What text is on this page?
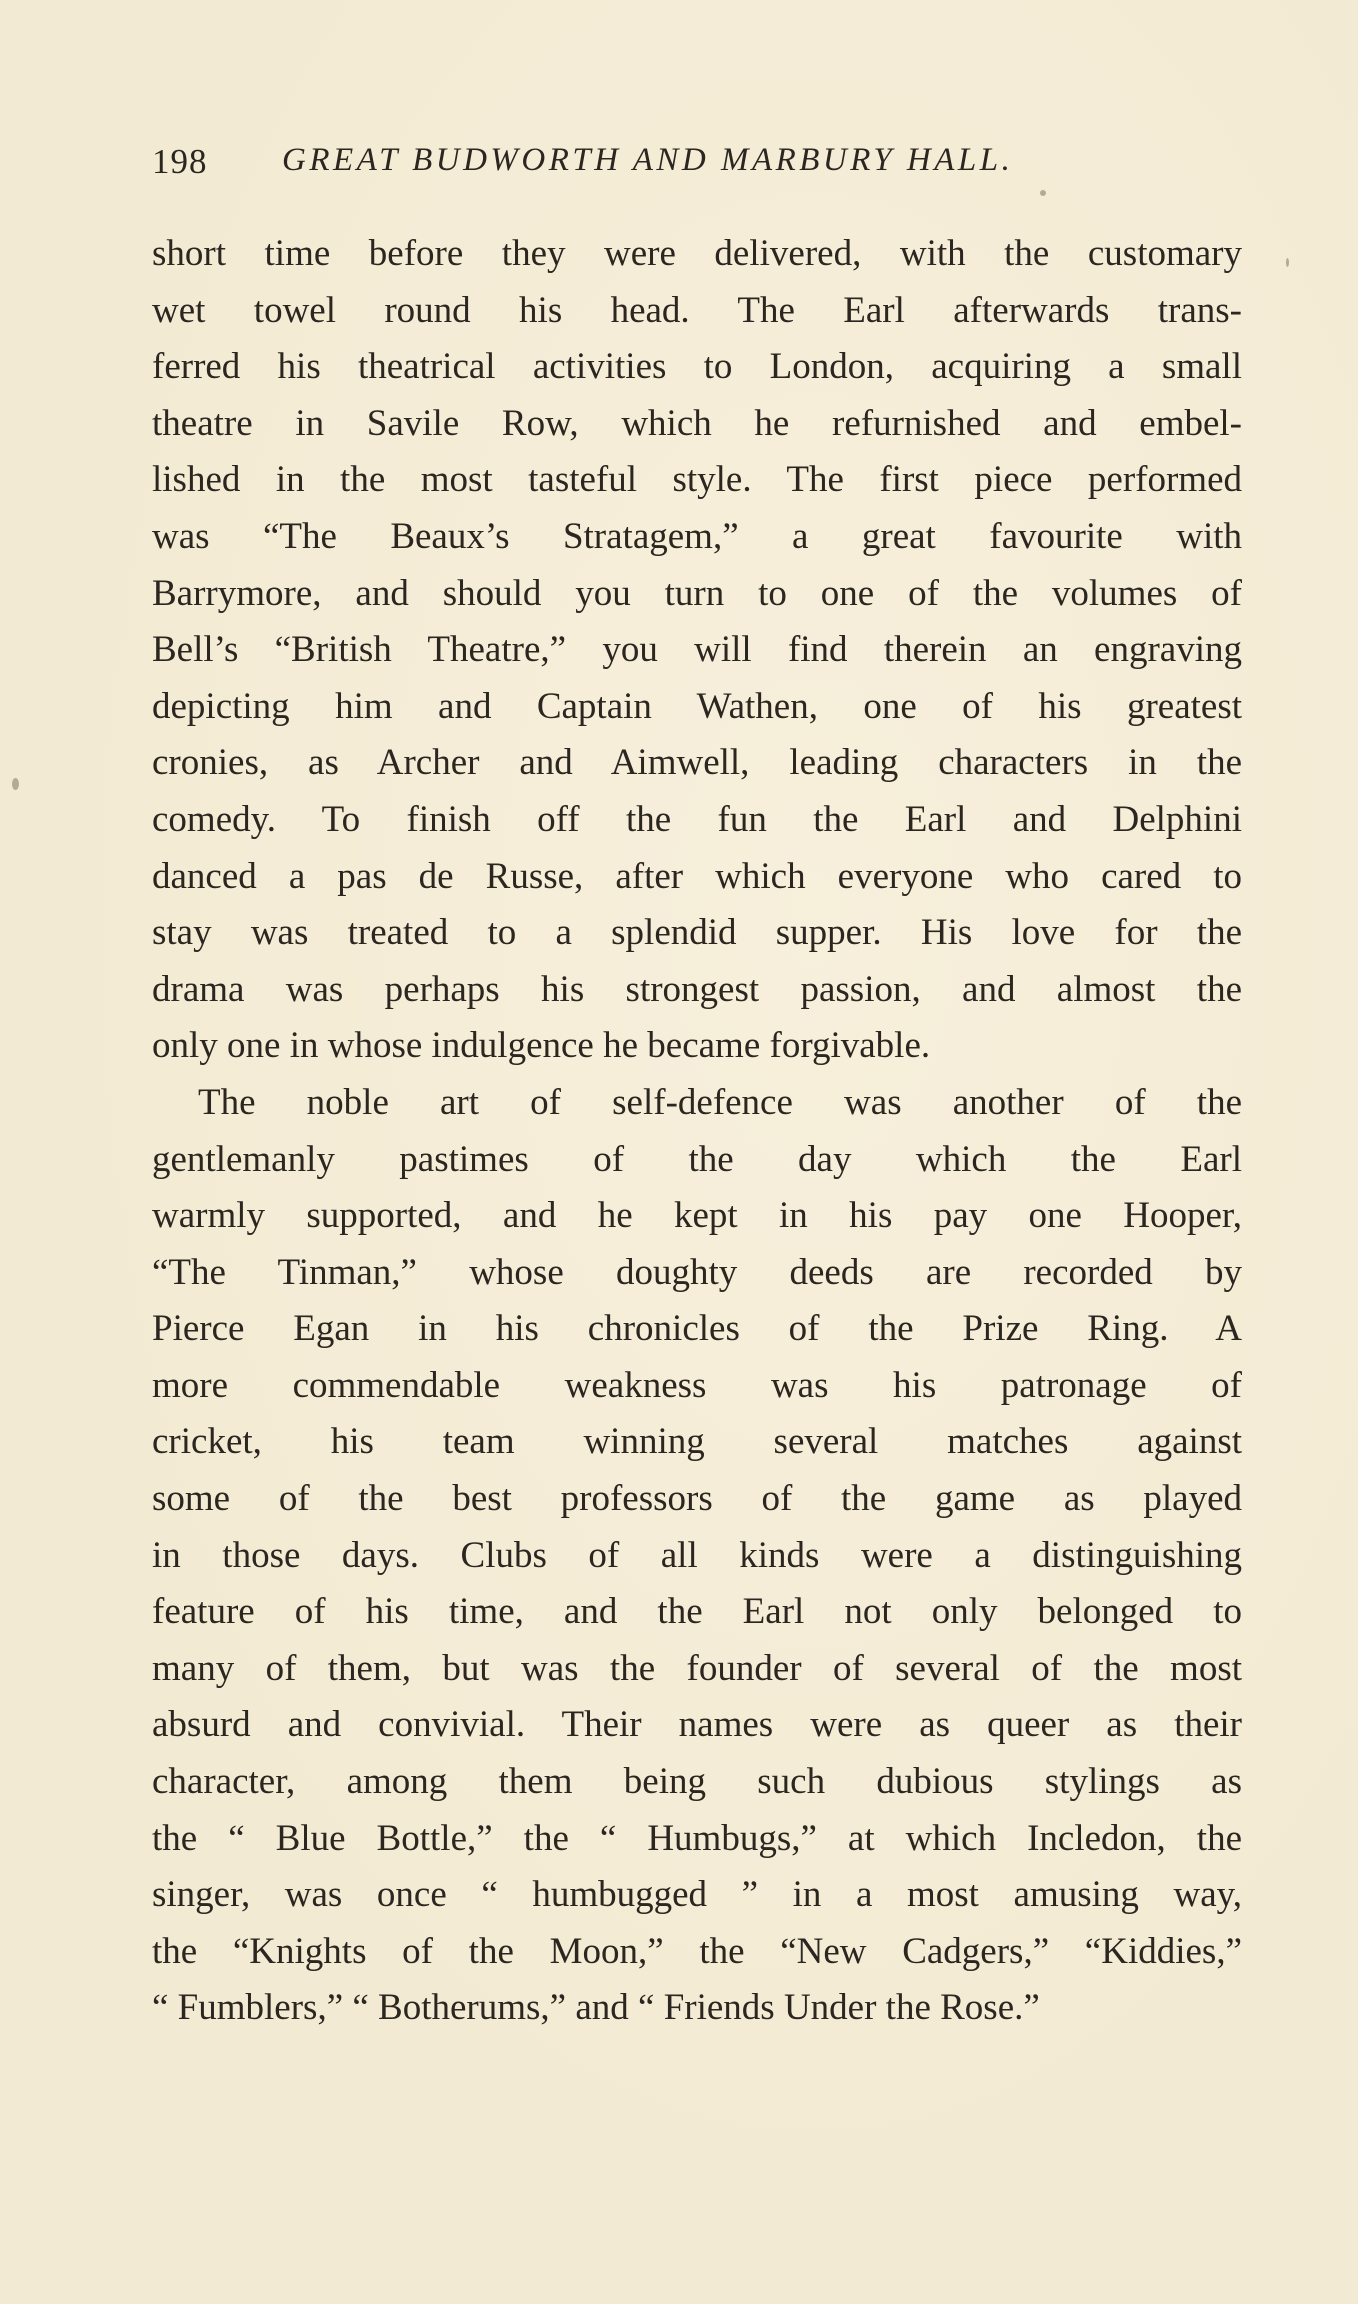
198 GREAT BUDWORTH AND MARBURY HALL.
short time before they were delivered, with the customary
wet towel round his head. The Earl afterwards trans-
ferred his theatrical activities to London, acquiring a small
theatre in Savile Row, which he refurnished and embel-
lished in the most tasteful style. The first piece performed
was “The Beaux’s Stratagem,” a great favourite with
Barrymore, and should you turn to one of the volumes of
Bell’s “British Theatre,” you will find therein an engraving
depicting him and Captain Wathen, one of his greatest
cronies, as Archer and Aimwell, leading characters in the
comedy. To finish off the fun the Earl and Delphini
danced a pas de Russe, after which everyone who cared to
stay was treated to a splendid supper. His love for the
drama was perhaps his strongest passion, and almost the
only one in whose indulgence he became forgivable.
The noble art of self-defence was another of the
gentlemanly pastimes of the day which the Earl
warmly supported, and he kept in his pay one Hooper,
“The Tinman,” whose doughty deeds are recorded by
Pierce Egan in his chronicles of the Prize Ring. A
more commendable weakness was his patronage of
cricket, his team winning several matches against
some of the best professors of the game as played
in those days. Clubs of all kinds were a distinguishing
feature of his time, and the Earl not only belonged to
many of them, but was the founder of several of the most
absurd and convivial. Their names were as queer as their
character, among them being such dubious stylings as
the “ Blue Bottle,” the “ Humbugs,” at which Incledon, the
singer, was once “ humbugged ” in a most amusing way,
the “Knights of the Moon,” the “New Cadgers,” “Kiddies,”
“ Fumblers,” “ Botherums,” and “ Friends Under the Rose.”
